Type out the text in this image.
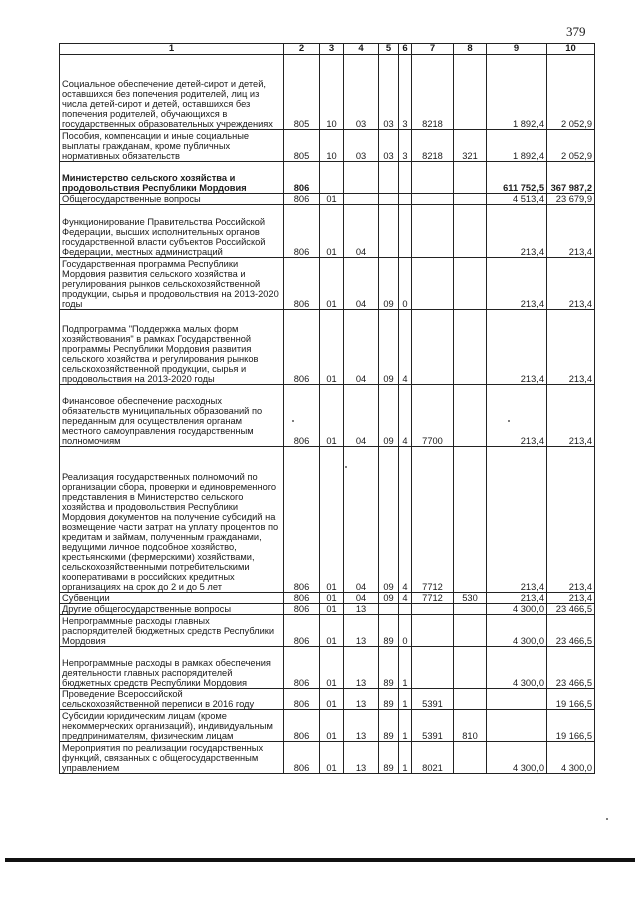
379
1	2	3	4	5	6	7	8	9	10
Социальное обеспечение детей-сирот и детей, оставшихся без попечения родителей, лиц из числа детей-сирот и детей, оставшихся без попечения родителей, обучающихся в государственных образовательных учреждениях	805	10	03	03	3	8218		1 892,4	2 052,9
Пособия, компенсации и иные социальные выплаты гражданам, кроме публичных нормативных обязательств	805	10	03	03	3	8218	321	1 892,4	2 052,9
Министерство сельского хозяйства и продовольствия Республики Мордовия	806							611 752,5	367 987,2
Общегосударственные вопросы	806	01						4 513,4	23 679,9
Функционирование Правительства Российской Федерации, высших исполнительных органов государственной власти субъектов Российской Федерации, местных администраций	806	01	04					213,4	213,4
Государственная программа Республики Мордовия развития сельского хозяйства и регулирования рынков сельскохозяйственной продукции, сырья и продовольствия на 2013-2020 годы	806	01	04	09	0			213,4	213,4
Подпрограмма "Поддержка малых форм хозяйствования" в рамках Государственной программы Республики Мордовия развития сельского хозяйства и регулирования рынков сельскохозяйственной продукции, сырья и продовольствия на 2013-2020 годы	806	01	04	09	4			213,4	213,4
Финансовое обеспечение расходных обязательств муниципальных образований по переданным для осуществления органам местного самоуправления государственным полномочиям	806	01	04	09	4	7700		213,4	213,4
Реализация государственных полномочий по организации сбора, проверки и единовременного представления в Министерство сельского хозяйства и продовольствия Республики Мордовия документов на получение субсидий на возмещение части затрат на уплату процентов по кредитам и займам, полученным гражданами, ведущими личное подсобное хозяйство, крестьянскими (фермерскими) хозяйствами, сельскохозяйственными потребительскими кооперативами в российских кредитных организациях на срок до 2 и до 5 лет	806	01	04	09	4	7712		213,4	213,4
Субвенции	806	01	04	09	4	7712	530	213,4	213,4
Другие общегосударственные вопросы	806	01	13					4 300,0	23 466,5
Непрограммные расходы главных распорядителей бюджетных средств Республики Мордовия	806	01	13	89	0			4 300,0	23 466,5
Непрограммные расходы в рамках обеспечения деятельности главных распорядителей бюджетных средств Республики Мордовия	806	01	13	89	1			4 300,0	23 466,5
Проведение Всероссийской сельскохозяйственной переписи в 2016 году	806	01	13	89	1	5391			19 166,5
Субсидии юридическим лицам (кроме некоммерческих организаций), индивидуальным предпринимателям, физическим лицам	806	01	13	89	1	5391	810		19 166,5
Мероприятия по реализации государственных функций, связанных с общегосударственным управлением	806	01	13	89	1	8021		4 300,0	4 300,0
